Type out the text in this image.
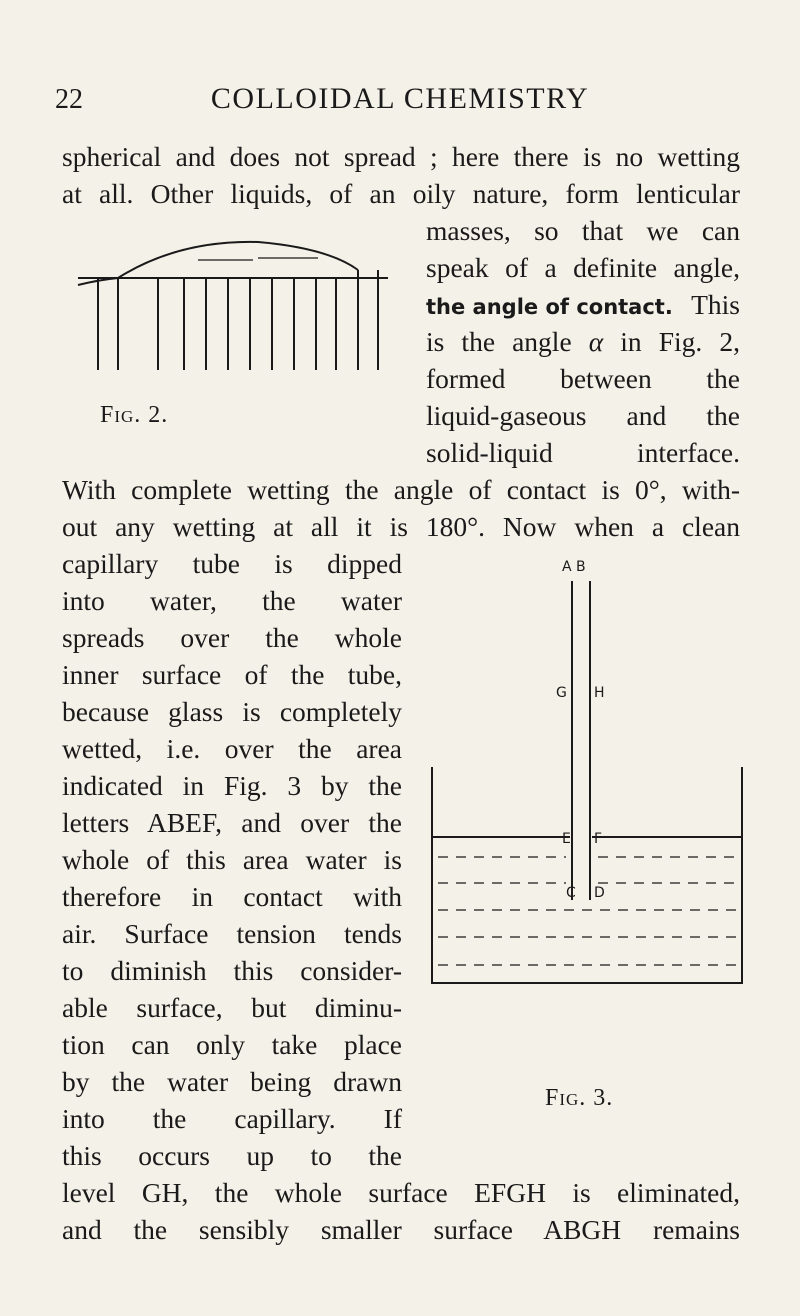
22	COLLOIDAL CHEMISTRY
spherical and does not spread ; here there is no wetting
at all. Other liquids, of an oily nature, form lenticular
masses, so that we can
speak of a definite angle,
the angle of contact. This
is the angle α in Fig. 2,
formed between the
liquid-gaseous and the
solid-liquid interface.
With complete wetting the angle of contact is 0°, with-
out any wetting at all it is 180°. Now when a clean
capillary tube is dipped
into water, the water
spreads over the whole
inner surface of the tube,
because glass is completely
wetted, i.e. over the area
indicated in Fig. 3 by the
letters ABEF, and over the
whole of this area water is
therefore in contact with
air. Surface tension tends
to diminish this consider-
able surface, but diminu-
tion can only take place
by the water being drawn
into the capillary. If
this occurs up to the
level GH, the whole surface EFGH is eliminated,
and the sensibly smaller surface ABGH remains
Fig. 2.
A B
G H
E F
C D
Fig. 3.
